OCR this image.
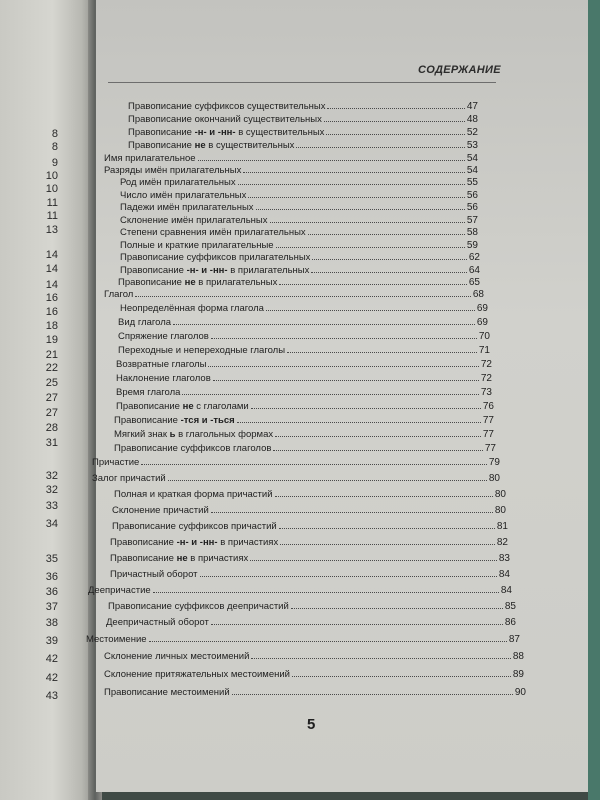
8
8
9
10
10
11
11
13
14
14
14
16
16
18
19
21
22
25
27
27
28
31
32
32
33
34
35
36
36
37
38
39
42
42
43
СОДЕРЖАНИЕ
Правописание суффиксов существительных	47
Правописание окончаний существительных	48
Правописание -н- и -нн- в существительных	52
Правописание не в существительных	53
Имя прилагательное	54
Разряды имён прилагательных	54
Род имён прилагательных	55
Число имён прилагательных	56
Падежи имён прилагательных	56
Склонение имён прилагательных	57
Степени сравнения имён прилагательных	58
Полные и краткие прилагательные	59
Правописание суффиксов прилагательных	62
Правописание -н- и -нн- в прилагательных	64
Правописание не в прилагательных	65
Глагол	68
Неопределённая форма глагола	69
Вид глагола	69
Спряжение глаголов	70
Переходные и непереходные глаголы	71
Возвратные глаголы	72
Наклонение глаголов	72
Время глагола	73
Правописание не с глаголами	76
Правописание -тся и -ться	77
Мягкий знак ь в глагольных формах	77
Правописание суффиксов глаголов	77
Причастие	79
Залог причастий	80
Полная и краткая форма причастий	80
Склонение причастий	80
Правописание суффиксов причастий	81
Правописание -н- и -нн- в причастиях	82
Правописание не в причастиях	83
Причастный оборот	84
Деепричастие	84
Правописание суффиксов деепричастий	85
Деепричастный оборот	86
Местоимение	87
Склонение личных местоимений	88
Склонение притяжательных местоимений	89
Правописание местоимений	90
5
